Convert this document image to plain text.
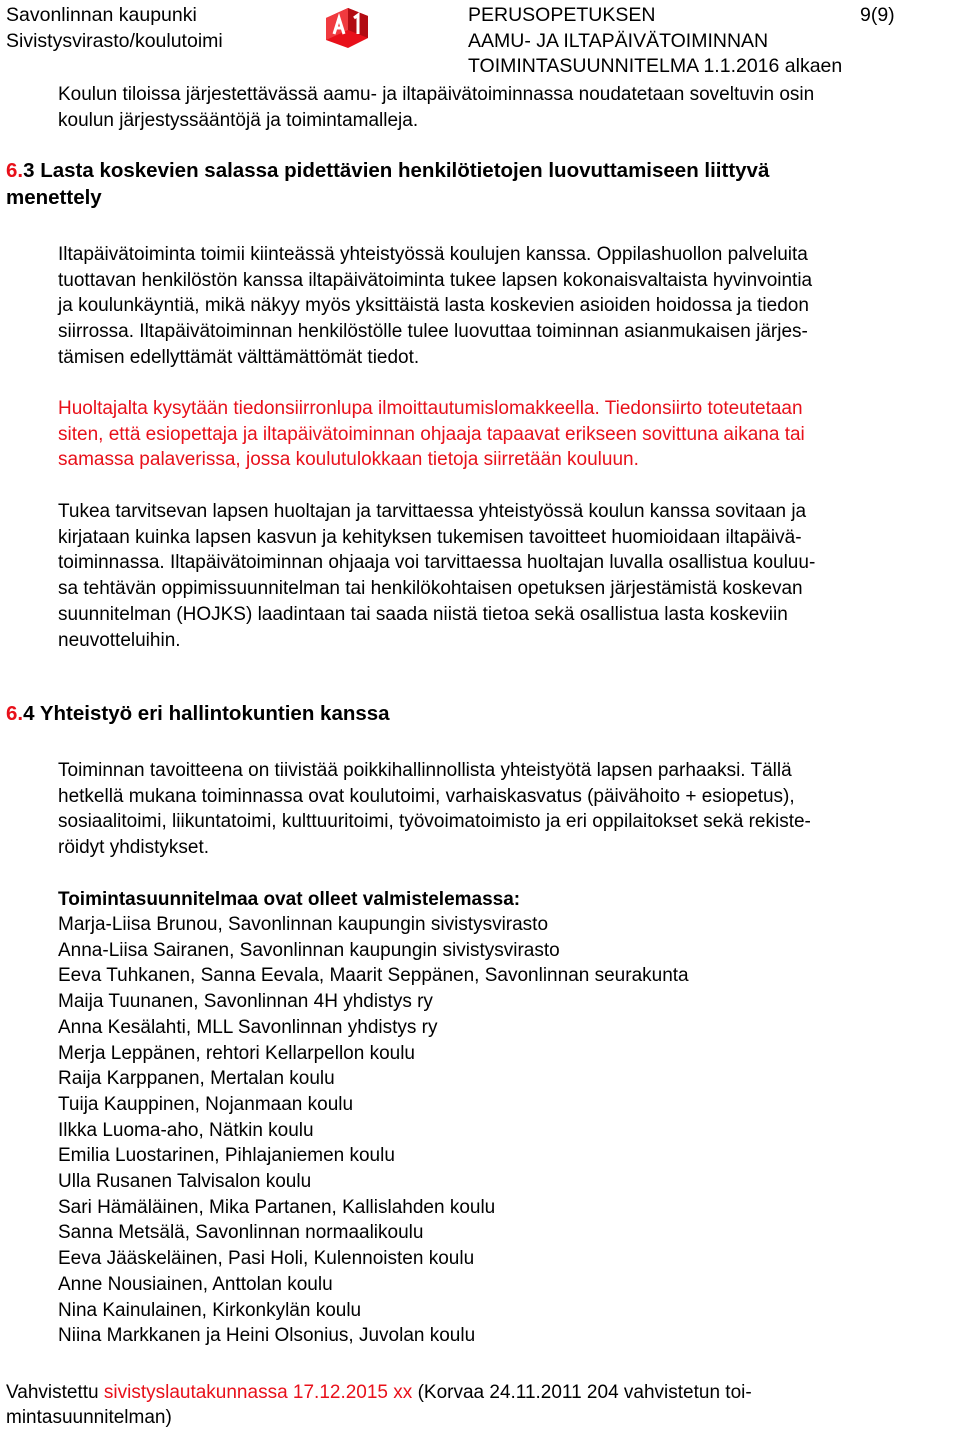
Savonlinnan kaupunki
Sivistysvirasto/koulutoimi
PERUSOPETUKSEN	9(9)
AAMU- JA ILTAPÄIVÄTOIMINNAN
TOIMINTASUUNNITELMA 1.1.2016 alkaen
Koulun tiloissa järjestettävässä aamu- ja iltapäivätoiminnassa noudatetaan soveltuvin osin
koulun järjestyssääntöjä ja toimintamalleja.
6.3 Lasta koskevien salassa pidettävien henkilötietojen luovuttamiseen liittyvä
menettely
Iltapäivätoiminta toimii kiinteässä yhteistyössä koulujen kanssa. Oppilashuollon palveluita
tuottavan henkilöstön kanssa iltapäivätoiminta tukee lapsen kokonaisvaltaista hyvinvointia
ja koulunkäyntiä, mikä näkyy myös yksittäistä lasta koskevien asioiden hoidossa ja tiedon
siirrossa. Iltapäivätoiminnan henkilöstölle tulee luovuttaa toiminnan asianmukaisen järjes-
tämisen edellyttämät välttämättömät tiedot.
Huoltajalta kysytään tiedonsiirronlupa ilmoittautumislomakkeella. Tiedonsiirto toteutetaan
siten, että esiopettaja ja iltapäivätoiminnan ohjaaja tapaavat erikseen sovittuna aikana tai
samassa palaverissa, jossa koulutulokkaan tietoja siirretään kouluun.
Tukea tarvitsevan lapsen huoltajan ja tarvittaessa yhteistyössä koulun kanssa sovitaan ja
kirjataan kuinka lapsen kasvun ja kehityksen tukemisen tavoitteet huomioidaan iltapäivä-
toiminnassa. Iltapäivätoiminnan ohjaaja voi tarvittaessa huoltajan luvalla osallistua kouluu-
sa tehtävän oppimissuunnitelman tai henkilökohtaisen opetuksen järjestämistä koskevan
suunnitelman (HOJKS) laadintaan tai saada niistä tietoa sekä osallistua lasta koskeviin
neuvotteluihin.
6.4 Yhteistyö eri hallintokuntien kanssa
Toiminnan tavoitteena on tiivistää poikkihallinnollista yhteistyötä lapsen parhaaksi. Tällä
hetkellä mukana toiminnassa ovat koulutoimi, varhaiskasvatus (päivähoito + esiopetus),
sosiaalitoimi, liikuntatoimi, kulttuuritoimi, työvoimatoimisto ja eri oppilaitokset sekä rekiste-
röidyt yhdistykset.
Toimintasuunnitelmaa ovat olleet valmistelemassa:
Marja-Liisa Brunou, Savonlinnan kaupungin sivistysvirasto
Anna-Liisa Sairanen, Savonlinnan kaupungin sivistysvirasto
Eeva Tuhkanen, Sanna Eevala, Maarit Seppänen, Savonlinnan seurakunta
Maija Tuunanen, Savonlinnan 4H yhdistys ry
Anna Kesälahti, MLL Savonlinnan yhdistys ry
Merja Leppänen, rehtori Kellarpellon koulu
Raija Karppanen, Mertalan koulu
Tuija Kauppinen, Nojanmaan koulu
Ilkka Luoma-aho, Nätkin koulu
Emilia Luostarinen, Pihlajaniemen koulu
Ulla Rusanen Talvisalon koulu
Sari Hämäläinen, Mika Partanen, Kallislahden koulu
Sanna Metsälä, Savonlinnan normaalikoulu
Eeva Jääskeläinen, Pasi Holi, Kulennoisten koulu
Anne Nousiainen, Anttolan koulu
Nina Kainulainen, Kirkonkylän koulu
Niina Markkanen ja Heini Olsonius, Juvolan koulu
Vahvistettu sivistyslautakunnassa 17.12.2015 xx (Korvaa 24.11.2011 204 vahvistetun toi-
mintasuunnitelman)
